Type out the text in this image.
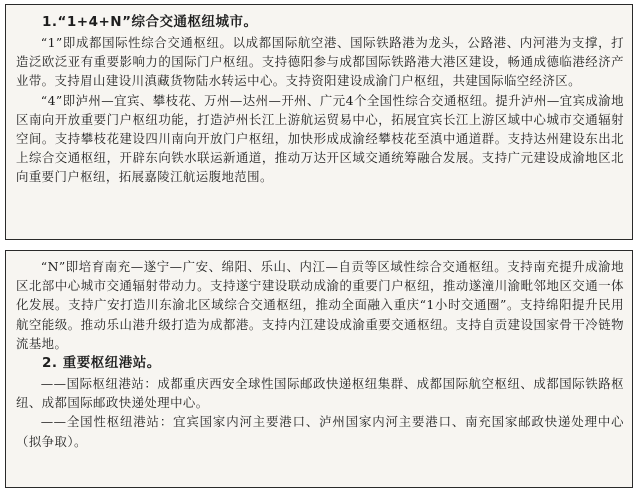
1.“1+4+N”综合交通枢纽城市。

“1”即成都国际性综合交通枢纽。以成都国际航空港、国际铁路港为龙头，公路港、内河港为支撑，打造泛欧泛亚有重要影响力的国际门户枢纽。支持德阳参与成都国际铁路港大港区建设，畅通成德临港经济产业带。支持眉山建设川滇藏货物陆水转运中心。支持资阳建设成渝门户枢纽，共建国际临空经济区。

“4”即泸州—宜宾、攀枝花、万州—达州—开州、广元4个全国性综合交通枢纽。提升泸州—宜宾成渝地区南向开放重要门户枢纽功能，打造泸州长江上游航运贸易中心，拓展宜宾长江上游区域中心城市交通辐射空间。支持攀枝花建设四川南向开放门户枢纽，加快形成成渝经攀枝花至滇中通道群。支持达州建设东出北上综合交通枢纽，开辟东向铁水联运新通道，推动万达开区域交通统筹融合发展。支持广元建设成渝地区北向重要门户枢纽，拓展嘉陵江航运腹地范围。

“N”即培育南充—遂宁—广安、绵阳、乐山、内江—自贡等区域性综合交通枢纽。支持南充提升成渝地区北部中心城市交通辐射带动力。支持遂宁建设联动成渝的重要门户枢纽，推动遂潼川渝毗邻地区交通一体化发展。支持广安打造川东渝北区域综合交通枢纽，推动全面融入重庆“1小时交通圈”。支持绵阳提升民用航空能级。推动乐山港升级打造为成都港。支持内江建设成渝重要交通枢纽。支持自贡建设国家骨干冷链物流基地。

2. 重要枢纽港站。

——国际枢纽港站：成都重庆西安全球性国际邮政快递枢纽集群、成都国际航空枢纽、成都国际铁路枢纽、成都国际邮政快递处理中心。

——全国性枢纽港站：宜宾国家内河主要港口、泸州国家内河主要港口、南充国家邮政快递处理中心（拟争取）。
